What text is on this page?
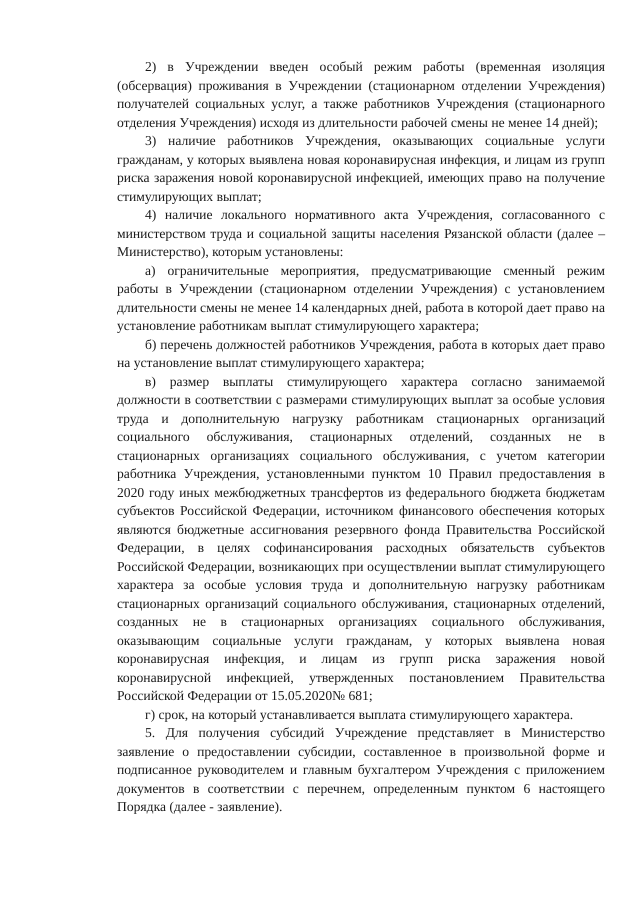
2) в Учреждении введен особый режим работы (временная изоляция (обсервация) проживания в Учреждении (стационарном отделении Учреждения) получателей социальных услуг, а также работников Учреждения (стационарного отделения Учреждения) исходя из длительности рабочей смены не менее 14 дней);

3) наличие работников Учреждения, оказывающих социальные услуги гражданам, у которых выявлена новая коронавирусная инфекция, и лицам из групп риска заражения новой коронавирусной инфекцией, имеющих право на получение стимулирующих выплат;

4) наличие локального нормативного акта Учреждения, согласованного с министерством труда и социальной защиты населения Рязанской области (далее – Министерство), которым установлены:

а) ограничительные мероприятия, предусматривающие сменный режим работы в Учреждении (стационарном отделении Учреждения) с установлением длительности смены не менее 14 календарных дней, работа в которой дает право на установление работникам выплат стимулирующего характера;

б) перечень должностей работников Учреждения, работа в которых дает право на установление выплат стимулирующего характера;

в) размер выплаты стимулирующего характера согласно занимаемой должности в соответствии с размерами стимулирующих выплат за особые условия труда и дополнительную нагрузку работникам стационарных организаций социального обслуживания, стационарных отделений, созданных не в стационарных организациях социального обслуживания, с учетом категории работника Учреждения, установленными пунктом 10 Правил предоставления в 2020 году иных межбюджетных трансфертов из федерального бюджета бюджетам субъектов Российской Федерации, источником финансового обеспечения которых являются бюджетные ассигнования резервного фонда Правительства Российской Федерации, в целях софинансирования расходных обязательств субъектов Российской Федерации, возникающих при осуществлении выплат стимулирующего характера за особые условия труда и дополнительную нагрузку работникам стационарных организаций социального обслуживания, стационарных отделений, созданных не в стационарных организациях социального обслуживания, оказывающим социальные услуги гражданам, у которых выявлена новая коронавирусная инфекция, и лицам из групп риска заражения новой коронавирусной инфекцией, утвержденных постановлением Правительства Российской Федерации от 15.05.2020№ 681;

г) срок, на который устанавливается выплата стимулирующего характера.

5. Для получения субсидий Учреждение представляет в Министерство заявление о предоставлении субсидии, составленное в произвольной форме и подписанное руководителем и главным бухгалтером Учреждения с приложением документов в соответствии с перечнем, определенным пунктом 6 настоящего Порядка (далее - заявление).
